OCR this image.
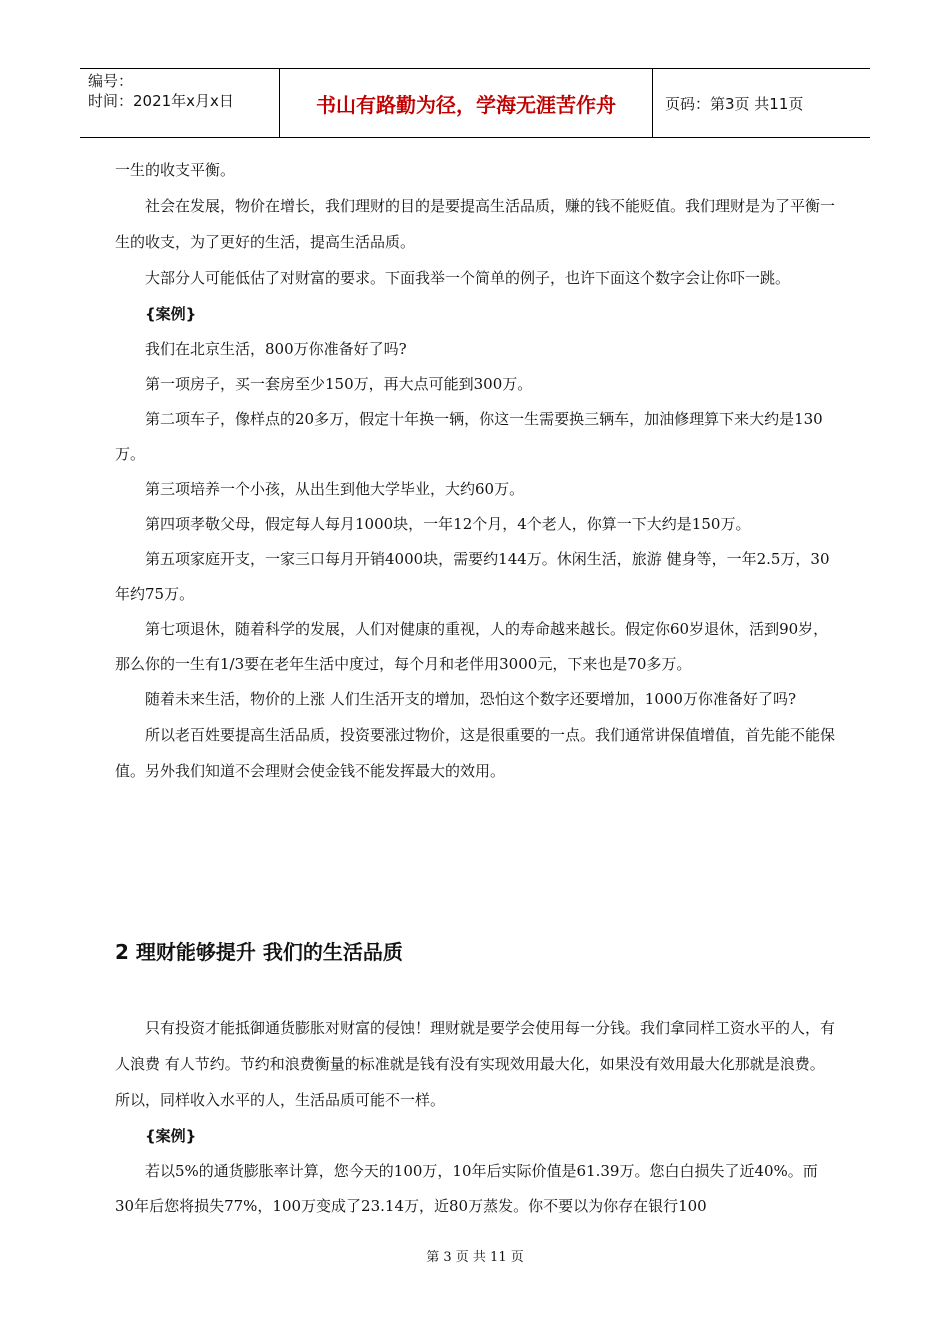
编号：
时间：2021年x月x日	书山有路勤为径，学海无涯苦作舟	页码：第3页 共11页

一生的收支平衡。

社会在发展，物价在增长，我们理财的目的是要提高生活品质，赚的钱不能贬值。我们理财是为了平衡一生的收支，为了更好的生活，提高生活品质。

大部分人可能低估了对财富的要求。下面我举一个简单的例子，也许下面这个数字会让你吓一跳。

{案例}

我们在北京生活，800万你准备好了吗?

第一项房子，买一套房至少150万，再大点可能到300万。

第二项车子，像样点的20多万，假定十年换一辆，你这一生需要换三辆车，加油修理算下来大约是130万。

第三项培养一个小孩，从出生到他大学毕业，大约60万。

第四项孝敬父母，假定每人每月1000块，一年12个月，4个老人，你算一下大约是150万。

第五项家庭开支，一家三口每月开销4000块，需要约144万。休闲生活，旅游 健身等，一年2.5万，30年约75万。

第七项退休，随着科学的发展，人们对健康的重视，人的寿命越来越长。假定你60岁退休，活到90岁，那么你的一生有1/3要在老年生活中度过，每个月和老伴用3000元，下来也是70多万。

随着未来生活，物价的上涨 人们生活开支的增加，恐怕这个数字还要增加，1000万你准备好了吗?

所以老百姓要提高生活品质，投资要涨过物价，这是很重要的一点。我们通常讲保值增值，首先能不能保值。另外我们知道不会理财会使金钱不能发挥最大的效用。

2 理财能够提升 我们的生活品质

只有投资才能抵御通货膨胀对财富的侵蚀！理财就是要学会使用每一分钱。我们拿同样工资水平的人，有人浪费 有人节约。节约和浪费衡量的标准就是钱有没有实现效用最大化，如果没有效用最大化那就是浪费。所以，同样收入水平的人，生活品质可能不一样。

{案例}

若以5%的通货膨胀率计算，您今天的100万，10年后实际价值是61.39万。您白白损失了近40%。而30年后您将损失77%，100万变成了23.14万，近80万蒸发。你不要以为你存在银行100

第 3 页 共 11 页
